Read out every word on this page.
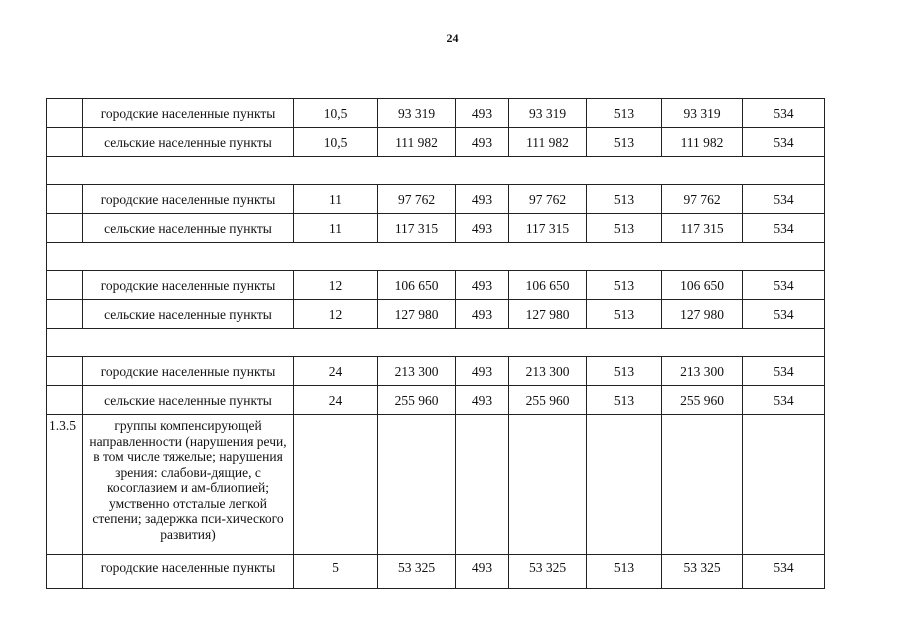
24
	городские населенные пункты	10,5	93 319	493	93 319	513	93 319	534
	сельские населенные пункты	10,5	111 982	493	111 982	513	111 982	534

	городские населенные пункты	11	97 762	493	97 762	513	97 762	534
	сельские населенные пункты	11	117 315	493	117 315	513	117 315	534

	городские населенные пункты	12	106 650	493	106 650	513	106 650	534
	сельские населенные пункты	12	127 980	493	127 980	513	127 980	534

	городские населенные пункты	24	213 300	493	213 300	513	213 300	534
	сельские населенные пункты	24	255 960	493	255 960	513	255 960	534
1.3.5	группы компенсирующей направленности (нарушения речи, в том числе тяжелые; нарушения зрения: слабови-дящие, с косоглазием и ам-блиопией; умственно отсталые легкой степени; задержка пси-хического развития)							
	городские населенные пункты	5	53 325	493	53 325	513	53 325	534
